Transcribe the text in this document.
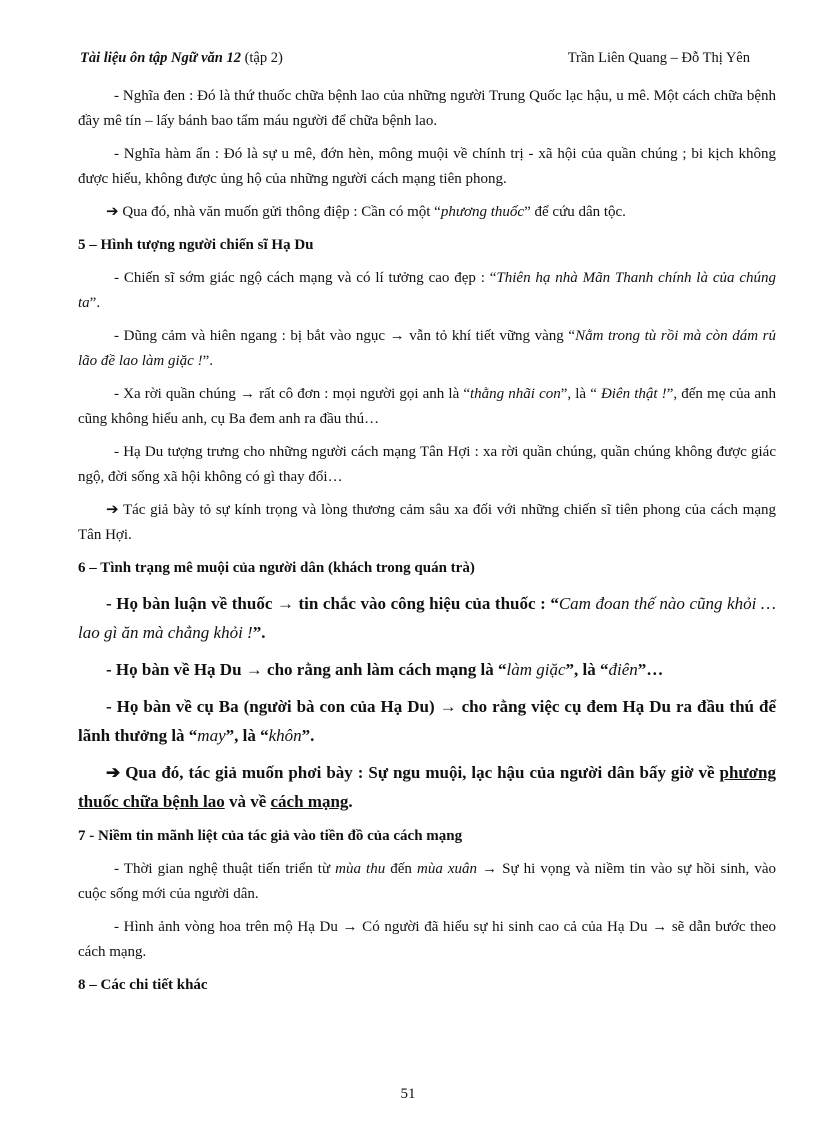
Tài liệu ôn tập Ngữ văn 12 (tập 2)	Trần Liên Quang – Đỗ Thị Yên

- Nghĩa đen : Đó là thứ thuốc chữa bệnh lao của những người Trung Quốc lạc hậu, u mê. Một cách chữa bệnh đầy mê tín – lấy bánh bao tẩm máu người để chữa bệnh lao.

- Nghĩa hàm ẩn : Đó là sự u mê, đớn hèn, mông muội về chính trị - xã hội của quần chúng ; bi kịch không được hiểu, không được ủng hộ của những người cách mạng tiên phong.

➔ Qua đó, nhà văn muốn gửi thông điệp : Cần có một “phương thuốc” để cứu dân tộc.

5 – Hình tượng người chiến sĩ Hạ Du

- Chiến sĩ sớm giác ngộ cách mạng và có lí tưởng cao đẹp : “Thiên hạ nhà Mãn Thanh chính là của chúng ta”.

- Dũng cảm và hiên ngang : bị bắt vào ngục → vẫn tỏ khí tiết vững vàng “Nằm trong tù rồi mà còn dám rủ lão đề lao làm giặc !”.

- Xa rời quần chúng → rất cô đơn : mọi người gọi anh là “thằng nhãi con”, là “ Điên thật !”, đến mẹ của anh cũng không hiểu anh, cụ Ba đem anh ra đầu thú…

- Hạ Du tượng trưng cho những người cách mạng Tân Hợi : xa rời quần chúng, quần chúng không được giác ngộ, đời sống xã hội không có gì thay đổi…

➔ Tác giả bày tỏ sự kính trọng và lòng thương cảm sâu xa đối với những chiến sĩ tiên phong của cách mạng Tân Hợi.

6 – Tình trạng mê muội của người dân (khách trong quán trà)

- Họ bàn luận về thuốc → tin chắc vào công hiệu của thuốc : “Cam đoan thế nào cũng khỏi … lao gì ăn mà chẳng khỏi !”.

- Họ bàn về Hạ Du → cho rằng anh làm cách mạng là “làm giặc”, là “điên”…

- Họ bàn về cụ Ba (người bà con của Hạ Du) → cho rằng việc cụ đem Hạ Du ra đầu thú để lãnh thưởng là “may”, là “khôn”.

➔ Qua đó, tác giả muốn phơi bày : Sự ngu muội, lạc hậu của người dân bấy giờ về phương thuốc chữa bệnh lao và về cách mạng.

7 - Niềm tin mãnh liệt của tác giả vào tiền đồ của cách mạng

- Thời gian nghệ thuật tiến triển từ mùa thu đến mùa xuân → Sự hi vọng và niềm tin vào sự hồi sinh, vào cuộc sống mới của người dân.

- Hình ảnh vòng hoa trên mộ Hạ Du → Có người đã hiểu sự hi sinh cao cả của Hạ Du → sẽ dẫn bước theo cách mạng.

8 – Các chi tiết khác

51
